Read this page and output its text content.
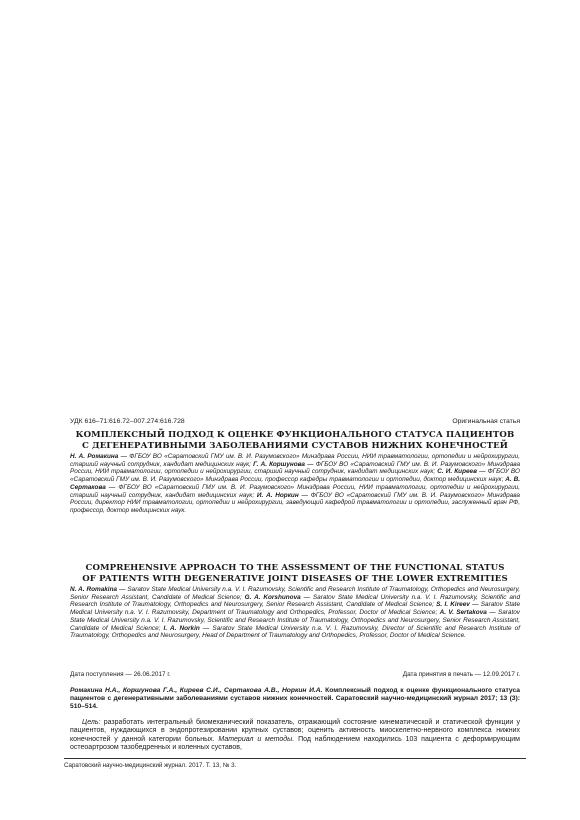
УДК 616–71:616.72–007.274:616.728	Оригинальная статья
КОМПЛЕКСНЫЙ ПОДХОД К ОЦЕНКЕ ФУНКЦИОНАЛЬНОГО СТАТУСА ПАЦИЕНТОВ
С ДЕГЕНЕРАТИВНЫМИ ЗАБОЛЕВАНИЯМИ СУСТАВОВ НИЖНИХ КОНЕЧНОСТЕЙ
Н. А. Ромакина — ФГБОУ ВО «Саратовский ГМУ им. В. И. Разумовского» Минздрава России, НИИ травматологии, ортопедии и нейрохирургии, старший научный сотрудник, кандидат медицинских наук; Г. А. Коршунова — ФГБОУ ВО «Саратовский ГМУ им. В. И. Разумовского» Минздрава России, НИИ травматологии, ортопедии и нейрохирургии, старший научный сотрудник, кандидат медицинских наук; С. И. Киреев — ФГБОУ ВО «Саратовский ГМУ им. В. И. Разумовского» Минздрава России, профессор кафедры травматологии и ортопедии, доктор медицинских наук; А. В. Сертакова — ФГБОУ ВО «Саратовский ГМУ им. В. И. Разумовского» Минздрава России, НИИ травматологии, ортопедии и нейрохирургии, старший научный сотрудник, кандидат медицинских наук; И. А. Норкин — ФГБОУ ВО «Саратовский ГМУ им. В. И. Разумовского» Минздрава России, директор НИИ травматологии, ортопедии и нейрохирургии, заведующий кафедрой травматологии и ортопедии, заслуженный врач РФ, профессор, доктор медицинских наук.
COMPREHENSIVE APPROACH TO THE ASSESSMENT OF THE FUNCTIONAL STATUS
OF PATIENTS WITH DEGENERATIVE JOINT DISEASES OF THE LOWER EXTREMITIES
N. A. Romakina — Saratov State Medical University n.a. V. I. Razumovsky, Scientific and Research Institute of Traumatology, Orthopedics and Neurosurgery, Senior Research Assistant, Candidate of Medical Science; G. A. Korshunova — Saratov State Medical University n.a. V. I. Razumovsky, Scientific and Research Institute of Traumatology, Orthopedics and Neurosurgery, Senior Research Assistant, Candidate of Medical Science; S. I. Kireev — Saratov State Medical University n.a. V. I. Razumovsky, Department of Traumatology and Orthopedics, Professor, Doctor of Medical Science; A. V. Sertakova — Saratov State Medical University n.a. V. I. Razumovsky, Scientific and Research Institute of Traumatology, Orthopedics and Neurosurgery, Senior Research Assistant, Candidate of Medical Science; I. A. Norkin — Saratov State Medical University n.a. V. I. Razumovsky, Director of Scientific and Research Institute of Traumatology, Orthopedics and Neurosurgery, Head of Department of Traumatology and Orthopedics, Professor, Doctor of Medical Science.
Дата поступления — 26.06.2017 г.	Дата принятия в печать — 12.09.2017 г.
Ромакина Н.А., Коршунова Г.А., Киреев С.И., Сертакова А.В., Норкин И.А. Комплексный подход к оценке функционального статуса пациентов с дегенеративными заболеваниями суставов нижних конечностей. Саратовский научно-медицинский журнал 2017; 13 (3): 510–514.
Цель: разработать интегральный биомеханический показатель, отражающий состояние кинематической и статической функции у пациентов, нуждающихся в эндопротезировании крупных суставов; оценить активность миоcкелетно-нервного комплекса нижних конечностей у данной категории больных. Материал и методы. Под наблюдением находились 103 пациента с деформирующим остеоартрозом тазобедренных и коленных суставов,
Саратовский научно-медицинский журнал. 2017. Т. 13, № 3.
